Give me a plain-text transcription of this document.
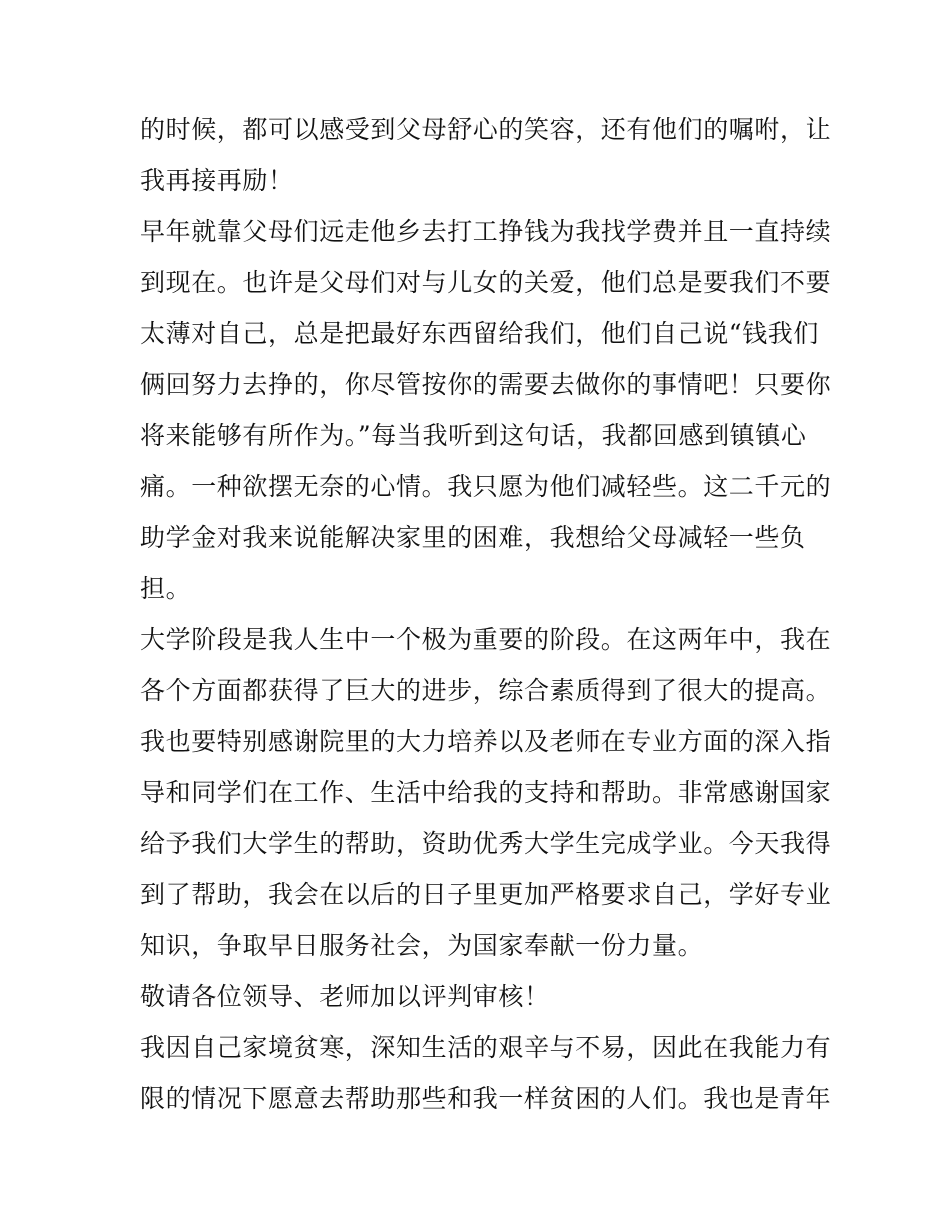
的时候，都可以感受到父母舒心的笑容，还有他们的嘱咐，让
我再接再励！
早年就靠父母们远走他乡去打工挣钱为我找学费并且一直持续
到现在。也许是父母们对与儿女的关爱，他们总是要我们不要
太薄对自己，总是把最好东西留给我们，他们自己说“钱我们
俩回努力去挣的，你尽管按你的需要去做你的事情吧！只要你
将来能够有所作为。”每当我听到这句话，我都回感到镇镇心
痛。一种欲摆无奈的心情。我只愿为他们减轻些。这二千元的
助学金对我来说能解决家里的困难，我想给父母减轻一些负
担。
大学阶段是我人生中一个极为重要的阶段。在这两年中，我在
各个方面都获得了巨大的进步，综合素质得到了很大的提高。
我也要特别感谢院里的大力培养以及老师在专业方面的深入指
导和同学们在工作、生活中给我的支持和帮助。非常感谢国家
给予我们大学生的帮助，资助优秀大学生完成学业。今天我得
到了帮助，我会在以后的日子里更加严格要求自己，学好专业
知识，争取早日服务社会，为国家奉献一份力量。
敬请各位领导、老师加以评判审核！
我因自己家境贫寒，深知生活的艰辛与不易，因此在我能力有
限的情况下愿意去帮助那些和我一样贫困的人们。我也是青年
